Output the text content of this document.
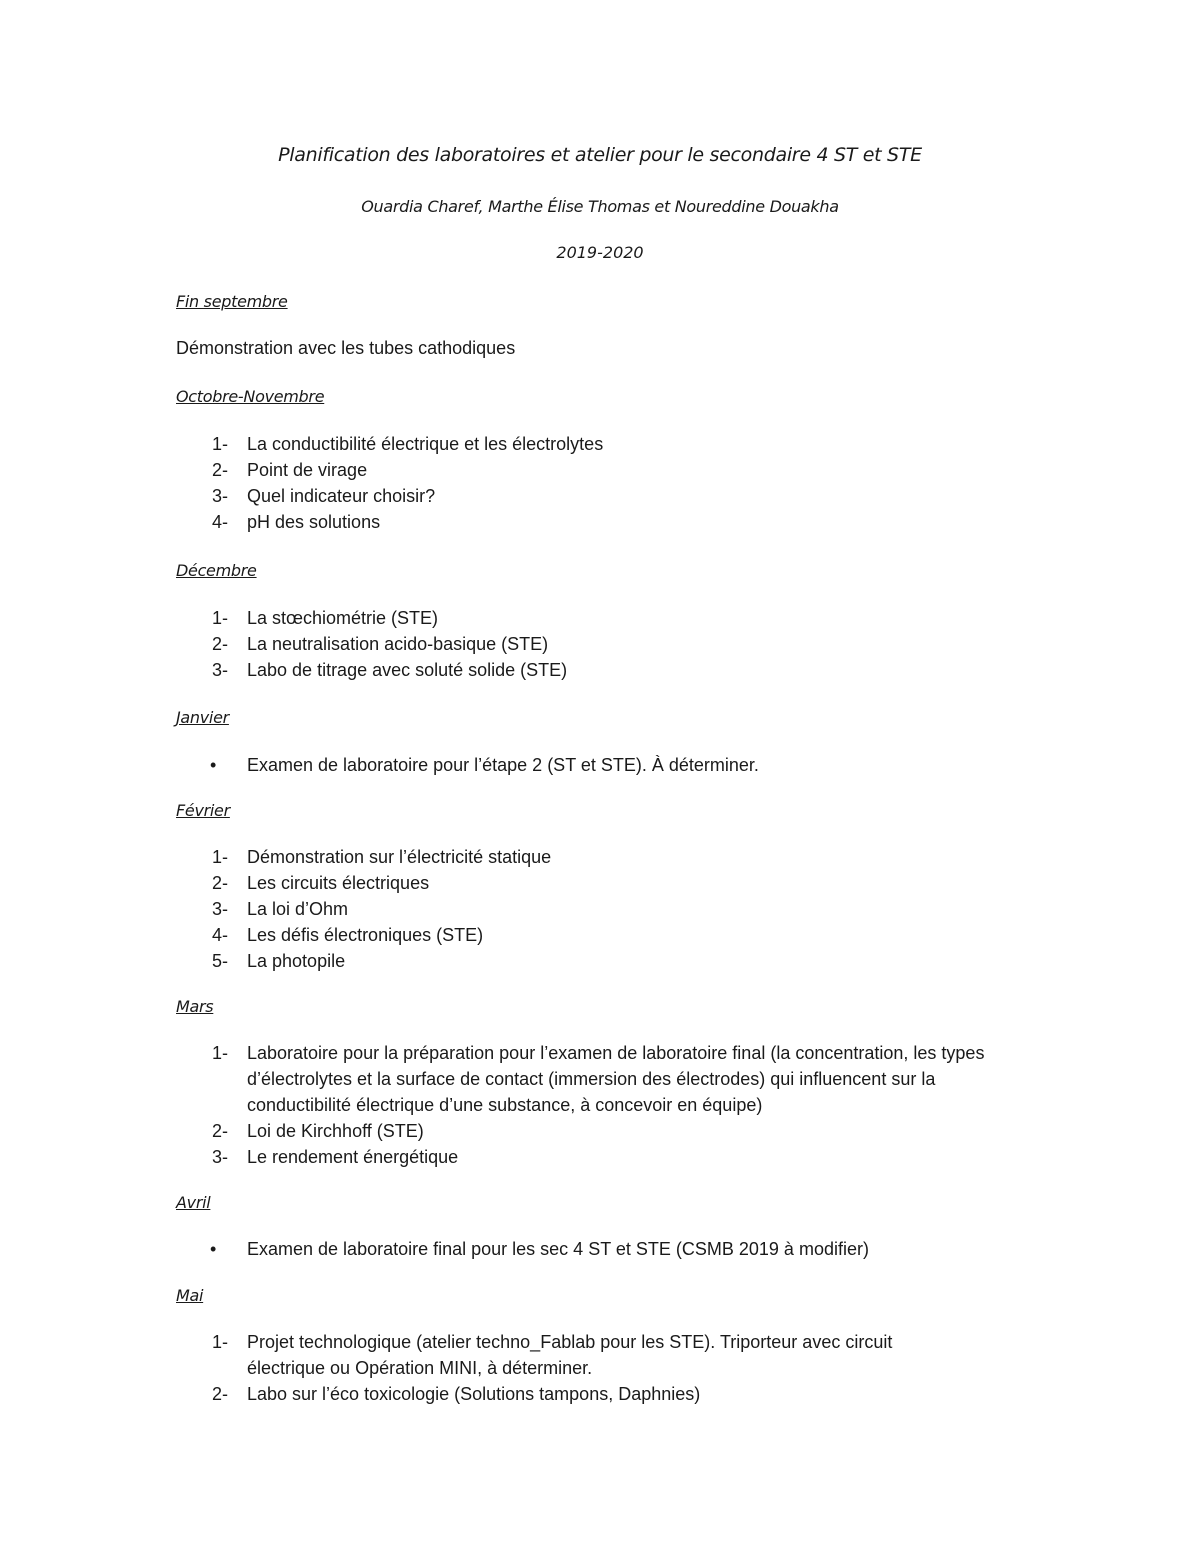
Planification des laboratoires et atelier pour le secondaire 4 ST et STE
Ouardia Charef, Marthe Élise Thomas et Noureddine Douakha
2019-2020
Fin septembre
Démonstration avec les tubes cathodiques
Octobre-Novembre
1-	La conductibilité électrique et les électrolytes
2-	Point de virage
3-	Quel indicateur choisir?
4-	pH des solutions
Décembre
1-	La stœchiométrie (STE)
2-	La neutralisation acido-basique (STE)
3-	Labo de titrage avec soluté solide (STE)
Janvier
•	Examen de laboratoire pour l’étape 2 (ST et STE). À déterminer.
Février
1-	Démonstration sur l’électricité statique
2-	Les circuits électriques
3-	La loi d’Ohm
4-	Les défis électroniques (STE)
5-	La photopile
Mars
1-	Laboratoire pour la préparation pour l’examen de laboratoire final (la concentration, les types d’électrolytes et la surface de contact (immersion des électrodes) qui influencent sur la conductibilité électrique d’une substance, à concevoir en équipe)
2-	Loi de Kirchhoff (STE)
3-	Le rendement énergétique
Avril
•	Examen de laboratoire final pour les sec 4 ST et STE (CSMB 2019 à modifier)
Mai
1-	Projet technologique (atelier techno_Fablab pour les STE). Triporteur avec circuit électrique ou Opération MINI, à déterminer.
2-	Labo sur l’éco toxicologie (Solutions tampons, Daphnies)
